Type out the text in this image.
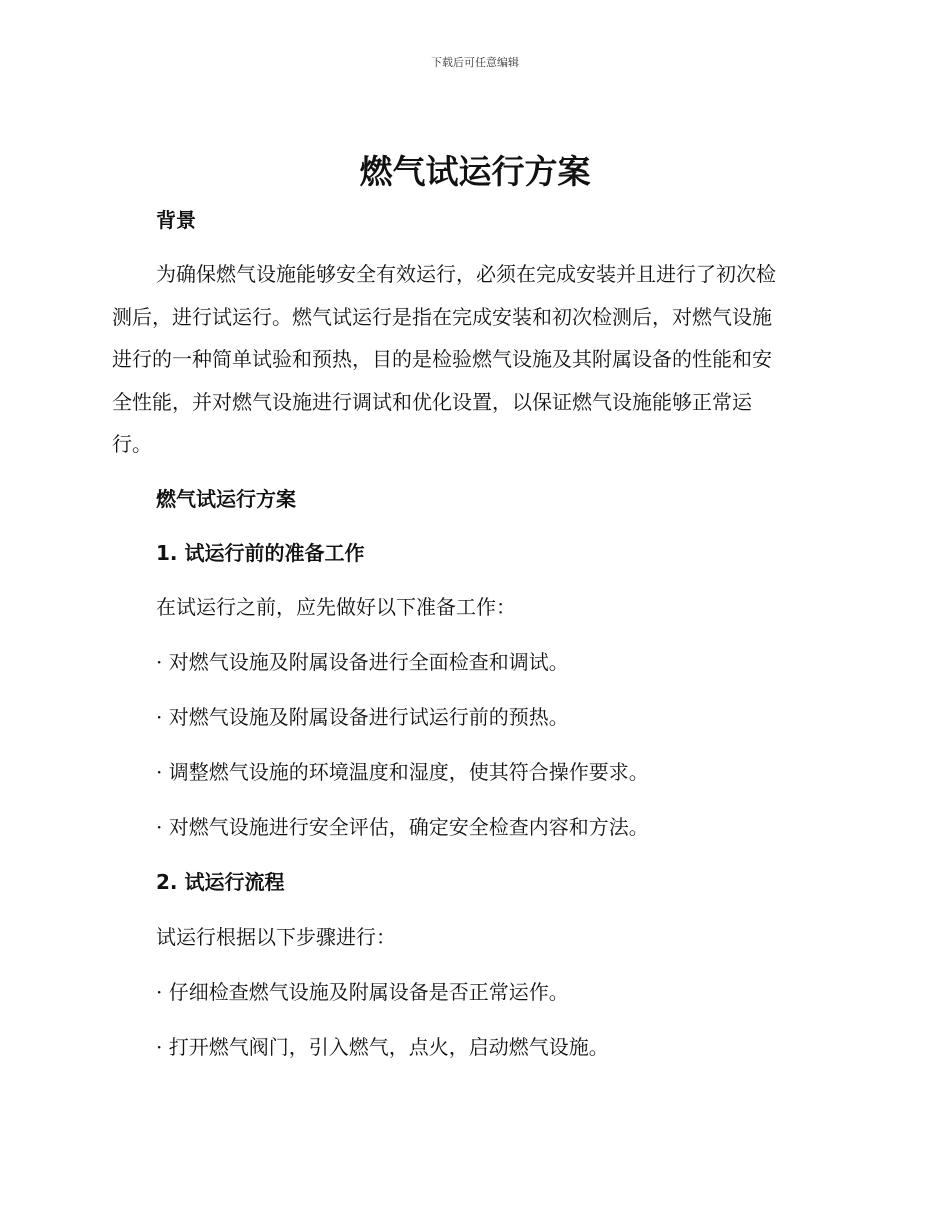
下载后可任意编辑
燃气试运行方案
背景
为确保燃气设施能够安全有效运行，必须在完成安装并且进行了初次检
测后，进行试运行。燃气试运行是指在完成安装和初次检测后，对燃气设施
进行的一种简单试验和预热，目的是检验燃气设施及其附属设备的性能和安
全性能，并对燃气设施进行调试和优化设置，以保证燃气设施能够正常运
行。
燃气试运行方案
1. 试运行前的准备工作

在试运行之前，应先做好以下准备工作：

· 对燃气设施及附属设备进行全面检查和调试。

· 对燃气设施及附属设备进行试运行前的预热。

· 调整燃气设施的环境温度和湿度，使其符合操作要求。

· 对燃气设施进行安全评估，确定安全检查内容和方法。

2. 试运行流程

试运行根据以下步骤进行：

· 仔细检查燃气设施及附属设备是否正常运作。

· 打开燃气阀门，引入燃气，点火，启动燃气设施。
